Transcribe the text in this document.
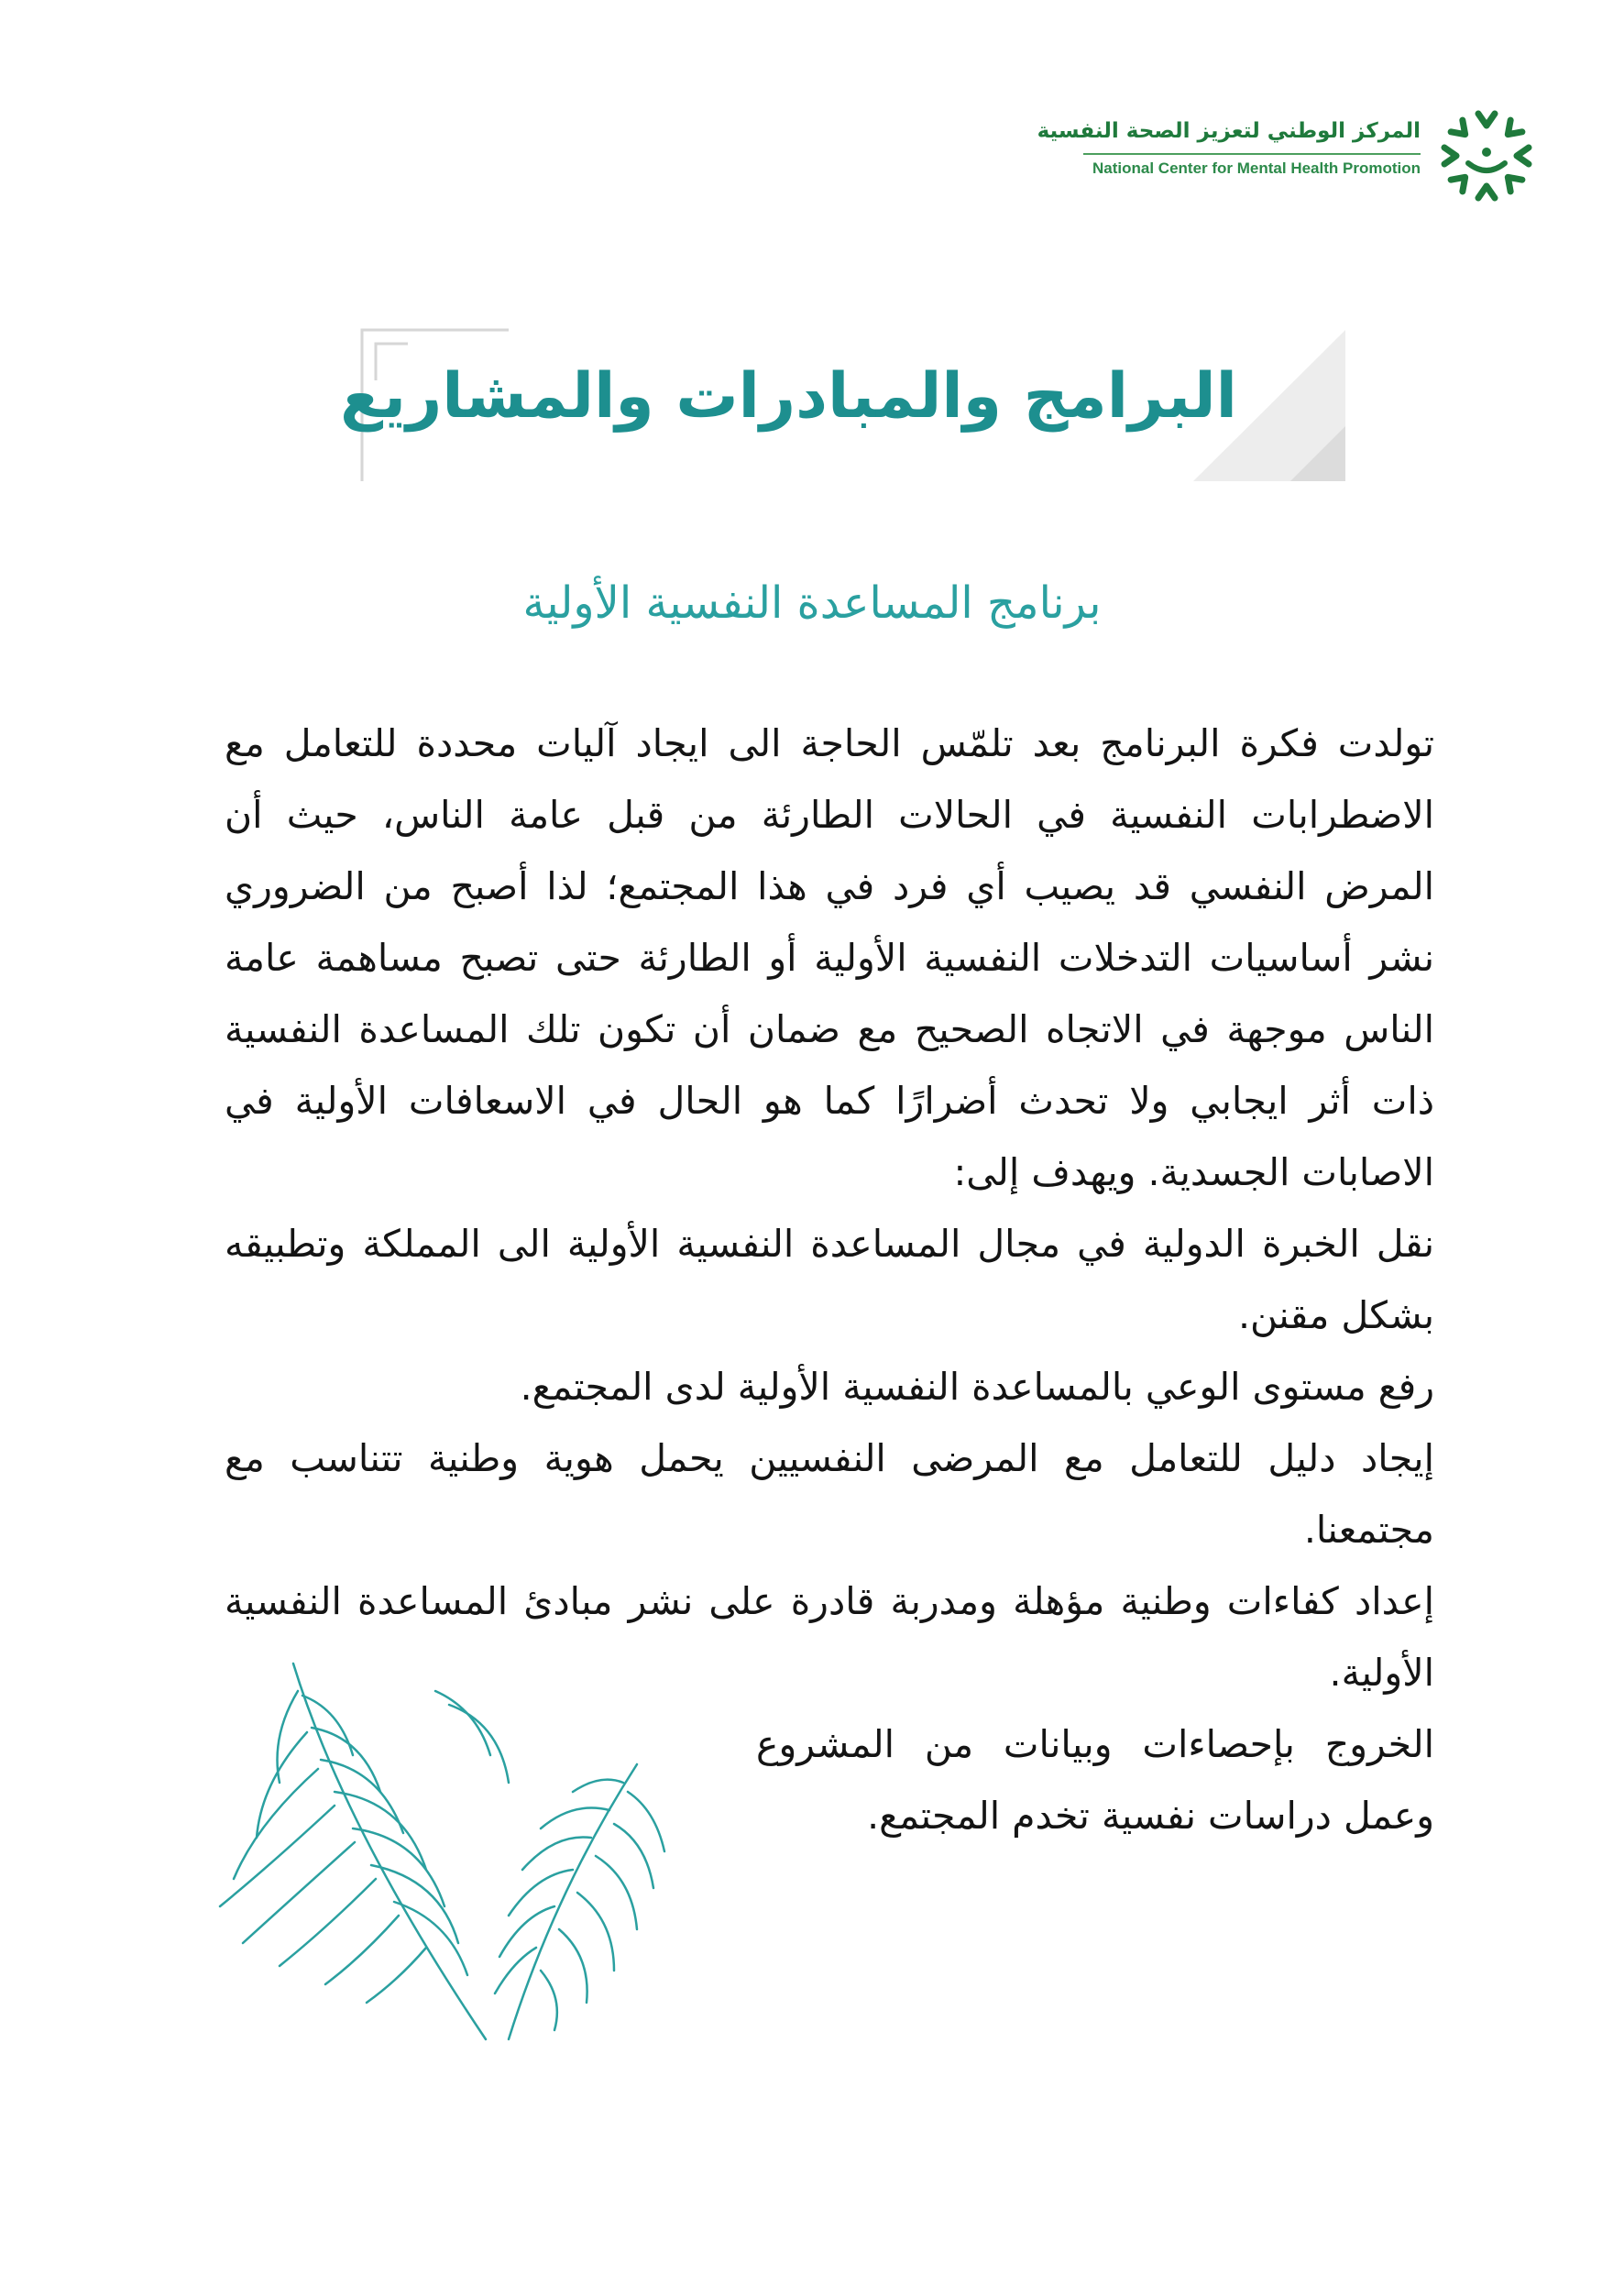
المركز الوطني لتعزيز الصحة النفسية
National Center for Mental Health Promotion
البرامج والمبادرات والمشاريع
برنامج المساعدة النفسية الأولية

تولدت فكرة البرنامج بعد تلمّس الحاجة الى ايجاد آليات محددة للتعامل مع الاضطرابات النفسية في الحالات الطارئة من قبل عامة الناس، حيث أن المرض النفسي قد يصيب أي فرد في هذا المجتمع؛ لذا أصبح من الضروري نشر أساسيات التدخلات النفسية الأولية أو الطارئة حتى تصبح مساهمة عامة الناس موجهة في الاتجاه الصحيح مع ضمان أن تكون تلك المساعدة النفسية ذات أثر ايجابي ولا تحدث أضرارًا كما هو الحال في الاسعافات الأولية في الاصابات الجسدية. ويهدف إلى:

نقل الخبرة الدولية في مجال المساعدة النفسية الأولية الى المملكة وتطبيقه بشكل مقنن.

رفع مستوى الوعي بالمساعدة النفسية الأولية لدى المجتمع.

إيجاد دليل للتعامل مع المرضى النفسيين يحمل هوية وطنية تتناسب مع مجتمعنا.

إعداد كفاءات وطنية مؤهلة ومدربة قادرة على نشر مبادئ المساعدة النفسية الأولية.

الخروج بإحصاءات وبيانات من المشروع وعمل دراسات نفسية تخدم المجتمع.
